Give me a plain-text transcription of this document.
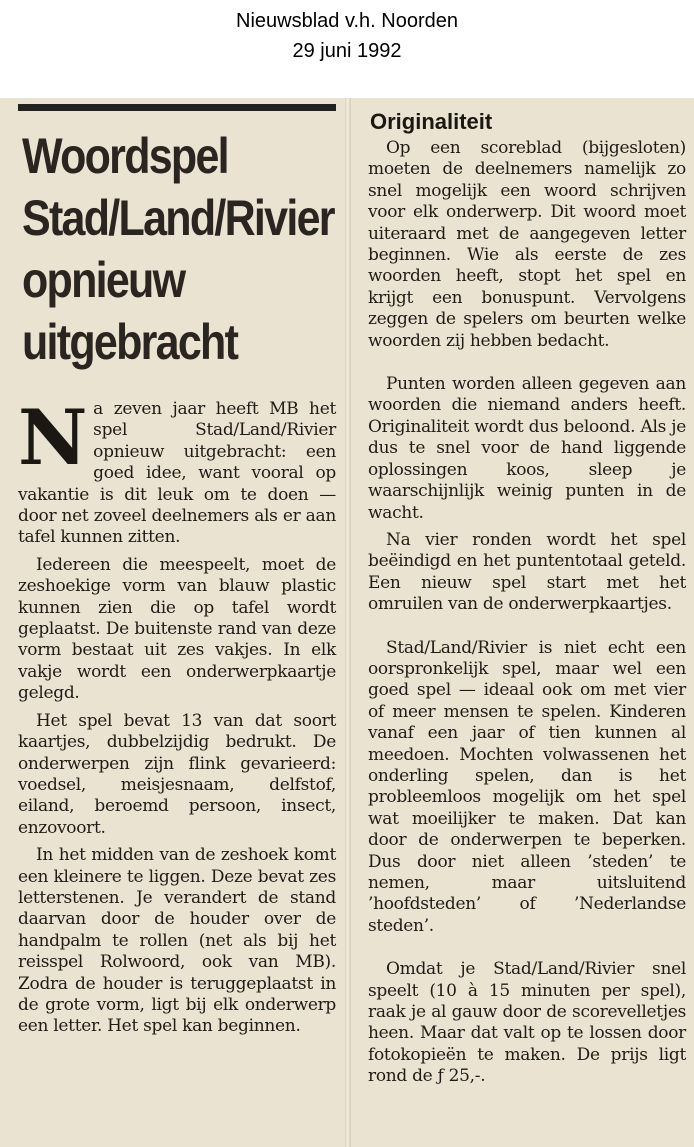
Nieuwsblad v.h. Noorden
29 juni 1992
Woordspel
Stad/Land/Rivier
opnieuw
uitgebracht

Na zeven jaar heeft MB het spel Stad/Land/Rivier opnieuw uitgebracht: een goed idee, want vooral op vakantie is dit leuk om te doen — door net zoveel deelnemers als er aan tafel kunnen zitten.

Iedereen die meespeelt, moet de zeshoekige vorm van blauw plastic kunnen zien die op tafel wordt geplaatst. De buitenste rand van deze vorm bestaat uit zes vakjes. In elk vakje wordt een onderwerpkaartje gelegd.

Het spel bevat 13 van dat soort kaartjes, dubbelzijdig bedrukt. De onderwerpen zijn flink gevarieerd: voedsel, meisjesnaam, delfstof, eiland, beroemd persoon, insect, enzovoort.

In het midden van de zeshoek komt een kleinere te liggen. Deze bevat zes letterstenen. Je verandert de stand daarvan door de houder over de handpalm te rollen (net als bij het reisspel Rolwoord, ook van MB). Zodra de houder is teruggeplaatst in de grote vorm, ligt bij elk onderwerp een letter. Het spel kan beginnen.

Originaliteit

Op een scoreblad (bijgesloten) moeten de deelnemers namelijk zo snel mogelijk een woord schrijven voor elk onderwerp. Dit woord moet uiteraard met de aangegeven letter beginnen. Wie als eerste de zes woorden heeft, stopt het spel en krijgt een bonuspunt. Vervolgens zeggen de spelers om beurten welke woorden zij hebben bedacht.

Punten worden alleen gegeven aan woorden die niemand anders heeft. Originaliteit wordt dus beloond. Als je dus te snel voor de hand liggende oplossingen koos, sleep je waarschijnlijk weinig punten in de wacht.

Na vier ronden wordt het spel beëindigd en het puntentotaal geteld. Een nieuw spel start met het omruilen van de onderwerpkaartjes.

Stad/Land/Rivier is niet echt een oorspronkelijk spel, maar wel een goed spel — ideaal ook om met vier of meer mensen te spelen. Kinderen vanaf een jaar of tien kunnen al meedoen. Mochten volwassenen het onderling spelen, dan is het probleemloos mogelijk om het spel wat moeilijker te maken. Dat kan door de onderwerpen te beperken. Dus door niet alleen ’steden’ te nemen, maar uitsluitend ’hoofdsteden’ of ’Nederlandse steden’.

Omdat je Stad/Land/Rivier snel speelt (10 à 15 minuten per spel), raak je al gauw door de scorevelletjes heen. Maar dat valt op te lossen door fotokopieën te maken. De prijs ligt rond de ƒ 25,-.
